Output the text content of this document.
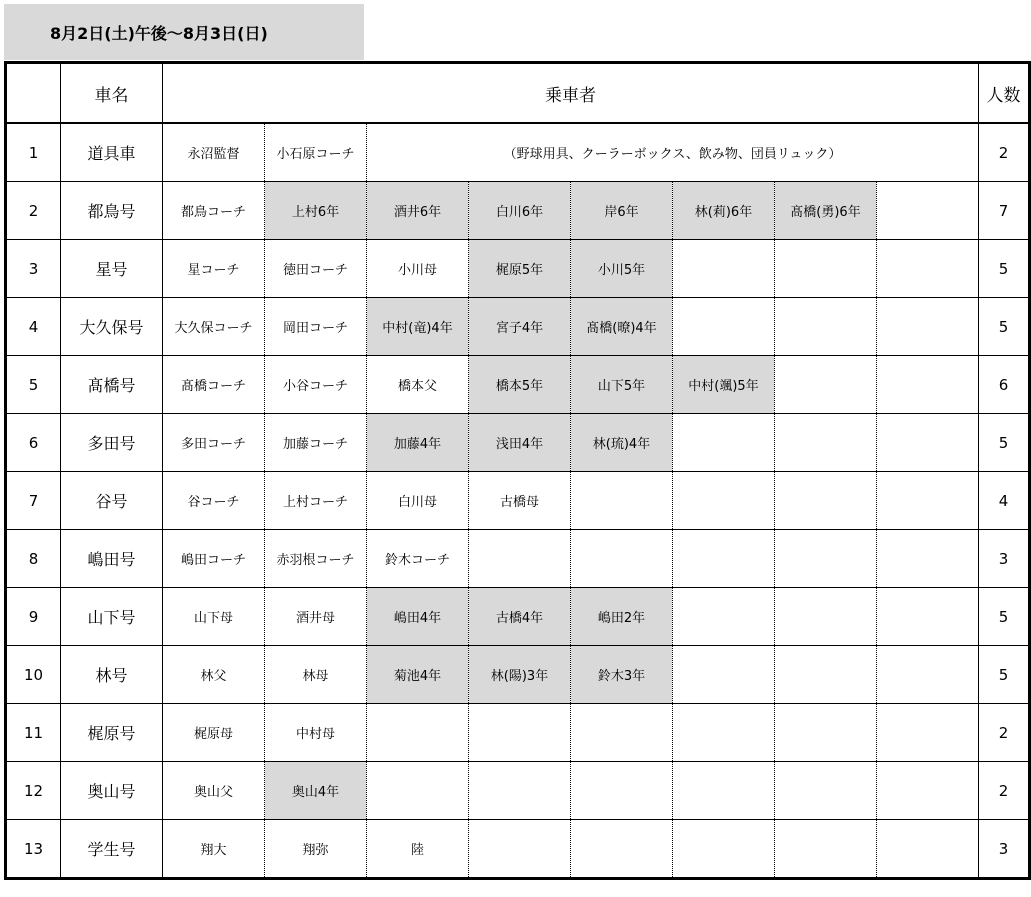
8月2日(土)午後～8月3日(日)
	車名	乗車者								人数
1	道具車	永沼監督	小石原コーチ	（野球用具、クーラーボックス、飲み物、団員リュック）						2
2	都鳥号	都鳥コーチ	上村6年	酒井6年	白川6年	岸6年	林(莉)6年	髙橋(勇)6年		7
3	星号	星コーチ	徳田コーチ	小川母	梶原5年	小川5年				5
4	大久保号	大久保コーチ	岡田コーチ	中村(竜)4年	宮子4年	髙橋(暸)4年				5
5	髙橋号	髙橋コーチ	小谷コーチ	橋本父	橋本5年	山下5年	中村(颯)5年			6
6	多田号	多田コーチ	加藤コーチ	加藤4年	浅田4年	林(琉)4年				5
7	谷号	谷コーチ	上村コーチ	白川母	古橋母					4
8	嶋田号	嶋田コーチ	赤羽根コーチ	鈴木コーチ						3
9	山下号	山下母	酒井母	嶋田4年	古橋4年	嶋田2年				5
10	林号	林父	林母	菊池4年	林(陽)3年	鈴木3年				5
11	梶原号	梶原母	中村母							2
12	奥山号	奥山父	奥山4年							2
13	学生号	翔大	翔弥	陸						3
